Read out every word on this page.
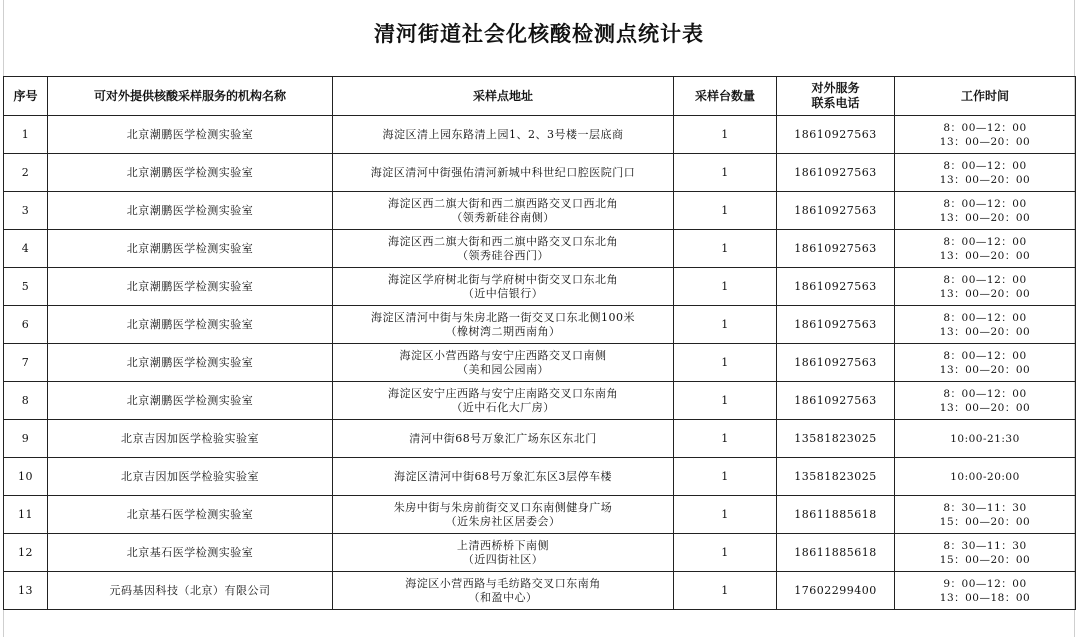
清河街道社会化核酸检测点统计表
序号	可对外提供核酸采样服务的机构名称	采样点地址	采样台数量	对外服务
联系电话	工作时间
1	北京潮鹏医学检测实验室	海淀区清上园东路清上园1、2、3号楼一层底商	1	18610927563	8：00—12：00
13：00—20：00

2	北京潮鹏医学检测实验室	海淀区清河中街强佑清河新城中科世纪口腔医院门口	1	18610927563	8：00—12：00
13：00—20：00

3	北京潮鹏医学检测实验室	海淀区西二旗大街和西二旗西路交叉口西北角
（领秀新硅谷南侧）	1	18610927563	8：00—12：00
13：00—20：00

4	北京潮鹏医学检测实验室	海淀区西二旗大街和西二旗中路交叉口东北角
（领秀硅谷西门）	1	18610927563	8：00—12：00
13：00—20：00

5	北京潮鹏医学检测实验室	海淀区学府树北街与学府树中街交叉口东北角
（近中信银行）	1	18610927563	8：00—12：00
13：00—20：00

6	北京潮鹏医学检测实验室	海淀区清河中街与朱房北路一街交叉口东北侧100米
（橡树湾二期西南角）	1	18610927563	8：00—12：00
13：00—20：00

7	北京潮鹏医学检测实验室	海淀区小营西路与安宁庄西路交叉口南侧
（美和园公园南）	1	18610927563	8：00—12：00
13：00—20：00

8	北京潮鹏医学检测实验室	海淀区安宁庄西路与安宁庄南路交叉口东南角
（近中石化大厂房）	1	18610927563	8：00—12：00
13：00—20：00

9	北京吉因加医学检验实验室	清河中街68号万象汇广场东区东北门	1	13581823025	10:00-21:30

10	北京吉因加医学检验实验室	海淀区清河中街68号万象汇东区3层停车楼	1	13581823025	10:00-20:00

11	北京基石医学检测实验室	朱房中街与朱房前街交叉口东南侧健身广场
（近朱房社区居委会）	1	18611885618	8：30—11：30
15：00—20：00

12	北京基石医学检测实验室	上清西桥桥下南侧
（近四街社区）	1	18611885618	8：30—11：30
15：00—20：00

13	元码基因科技（北京）有限公司	海淀区小营西路与毛纺路交叉口东南角
（和盈中心）	1	17602299400	9：00—12：00
13：00—18：00
